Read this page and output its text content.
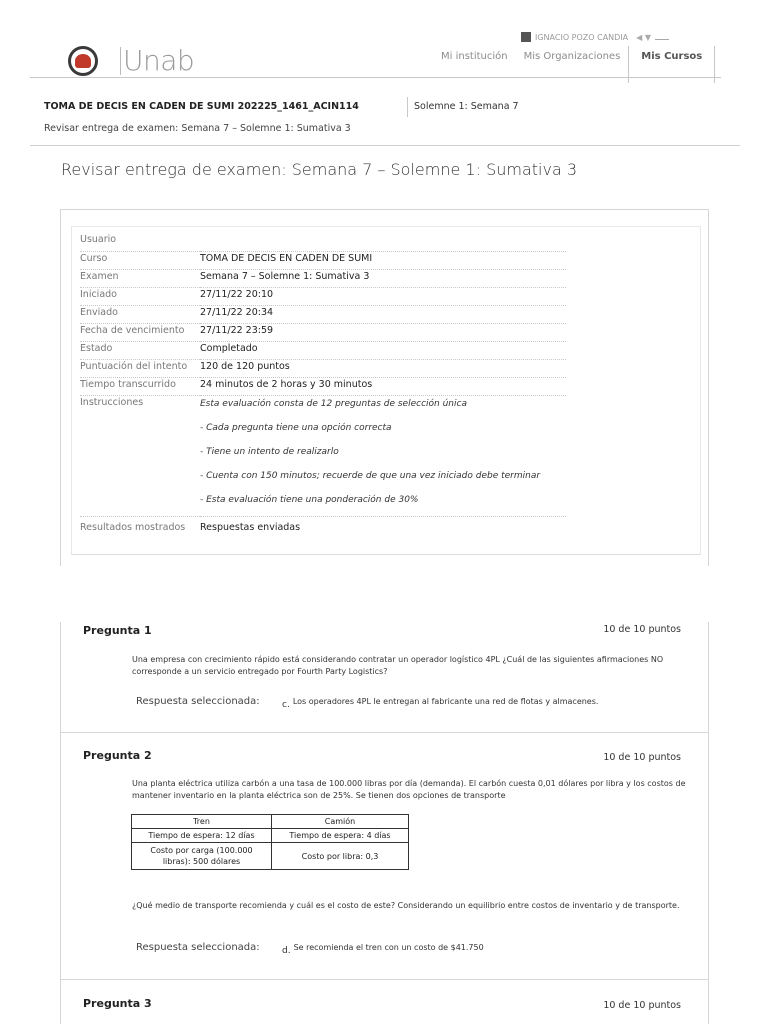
Unab
IGNACIO POZO CANDIA ◀ ▼
Mi institución	Mis Organizaciones	Mis Cursos
TOMA DE DECIS EN CADEN DE SUMI 202225_1461_ACIN114	Solemne 1: Semana 7
Revisar entrega de examen: Semana 7 – Solemne 1: Sumativa 3
Revisar entrega de examen: Semana 7 – Solemne 1: Sumativa 3
Usuario	
Curso	TOMA DE DECIS EN CADEN DE SUMI
Examen	Semana 7 – Solemne 1: Sumativa 3
Iniciado	27/11/22 20:10
Enviado	27/11/22 20:34
Fecha de vencimiento	27/11/22 23:59
Estado	Completado
Puntuación del intento	120 de 120 puntos
Tiempo transcurrido	24 minutos de 2 horas y 30 minutos
Instrucciones	Esta evaluación consta de 12 preguntas de selección única
- Cada pregunta tiene una opción correcta
- Tiene un intento de realizarlo
- Cuenta con 150 minutos; recuerde de que una vez iniciado debe terminar
- Esta evaluación tiene una ponderación de 30%

Resultados mostrados	Respuestas enviadas
Pregunta 1	10 de 10 puntos
Una empresa con crecimiento rápido está considerando contratar un operador logístico 4PL ¿Cuál de las siguientes afirmaciones NO corresponde a un servicio entregado por Fourth Party Logistics?
Respuesta seleccionada:	c. Los operadores 4PL le entregan al fabricante una red de flotas y almacenes.
Pregunta 2	10 de 10 puntos
Una planta eléctrica utiliza carbón a una tasa de 100.000 libras por día (demanda). El carbón cuesta 0,01 dólares por libra y los costos de mantener inventario en la planta eléctrica son de 25%. Se tienen dos opciones de transporte
¿Qué medio de transporte recomienda y cuál es el costo de este? Considerando un equilibrio entre costos de inventario y de transporte.
Respuesta seleccionada:	d. Se recomienda el tren con un costo de $41.750
Pregunta 3	10 de 10 puntos
Tren	Camión
Tiempo de espera: 12 días	Tiempo de espera: 4 días
Costo por carga (100.000 libras): 500 dólares	Costo por libra: 0,3
